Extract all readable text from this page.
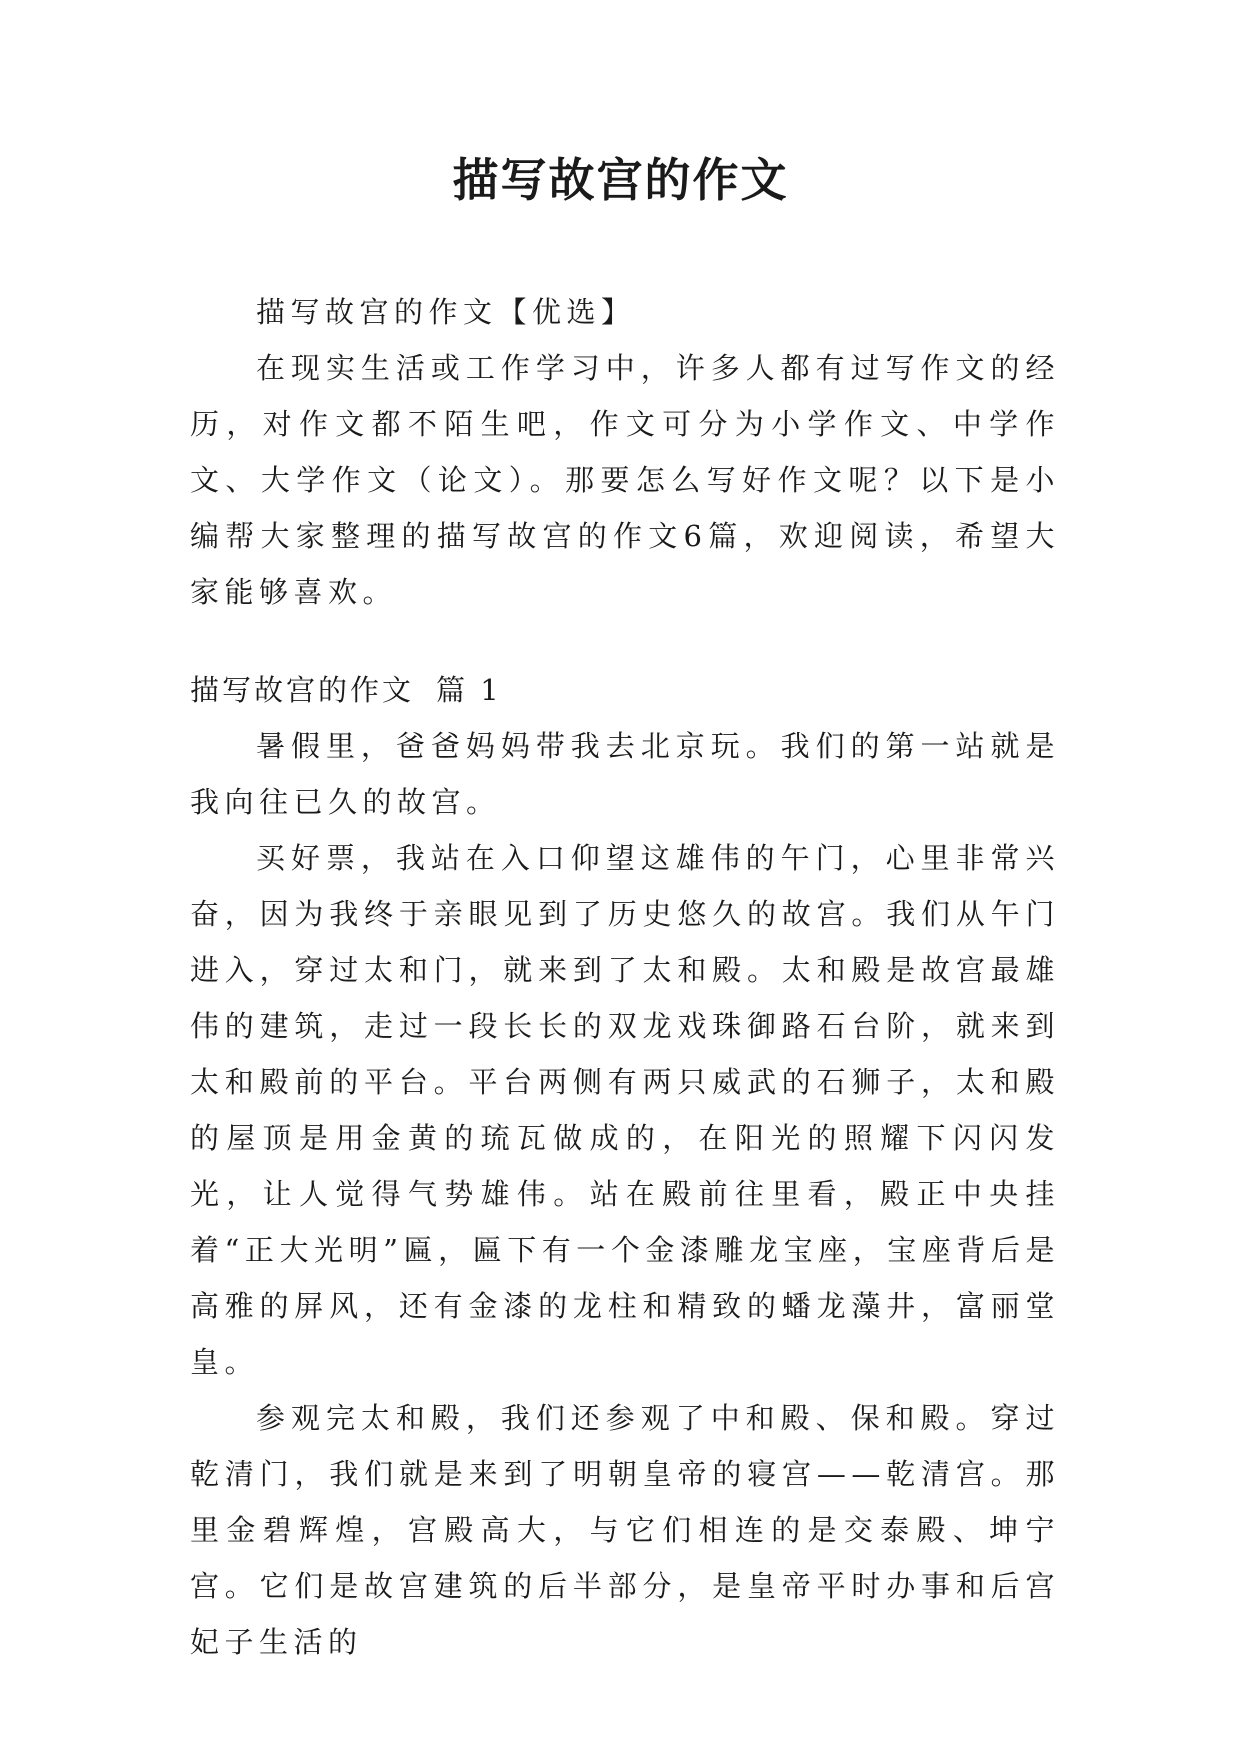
描写故宫的作文

描写故宫的作文【优选】

在现实生活或工作学习中，许多人都有过写作文的经历，对作文都不陌生吧，作文可分为小学作文、中学作文、大学作文（论文）。那要怎么写好作文呢？以下是小编帮大家整理的描写故宫的作文6篇，欢迎阅读，希望大家能够喜欢。

描写故宫的作文 篇 1

暑假里，爸爸妈妈带我去北京玩。我们的第一站就是我向往已久的故宫。

买好票，我站在入口仰望这雄伟的午门，心里非常兴奋，因为我终于亲眼见到了历史悠久的故宫。我们从午门进入，穿过太和门，就来到了太和殿。太和殿是故宫最雄伟的建筑，走过一段长长的双龙戏珠御路石台阶，就来到太和殿前的平台。平台两侧有两只威武的石狮子，太和殿的屋顶是用金黄的琉瓦做成的，在阳光的照耀下闪闪发光，让人觉得气势雄伟。站在殿前往里看，殿正中央挂着“正大光明”匾，匾下有一个金漆雕龙宝座，宝座背后是高雅的屏风，还有金漆的龙柱和精致的蟠龙藻井，富丽堂皇。

参观完太和殿，我们还参观了中和殿、保和殿。穿过乾清门，我们就是来到了明朝皇帝的寝宫——乾清宫。那里金碧辉煌，宫殿高大，与它们相连的是交泰殿、坤宁宫。它们是故宫建筑的后半部分，是皇帝平时办事和后宫妃子生活的
